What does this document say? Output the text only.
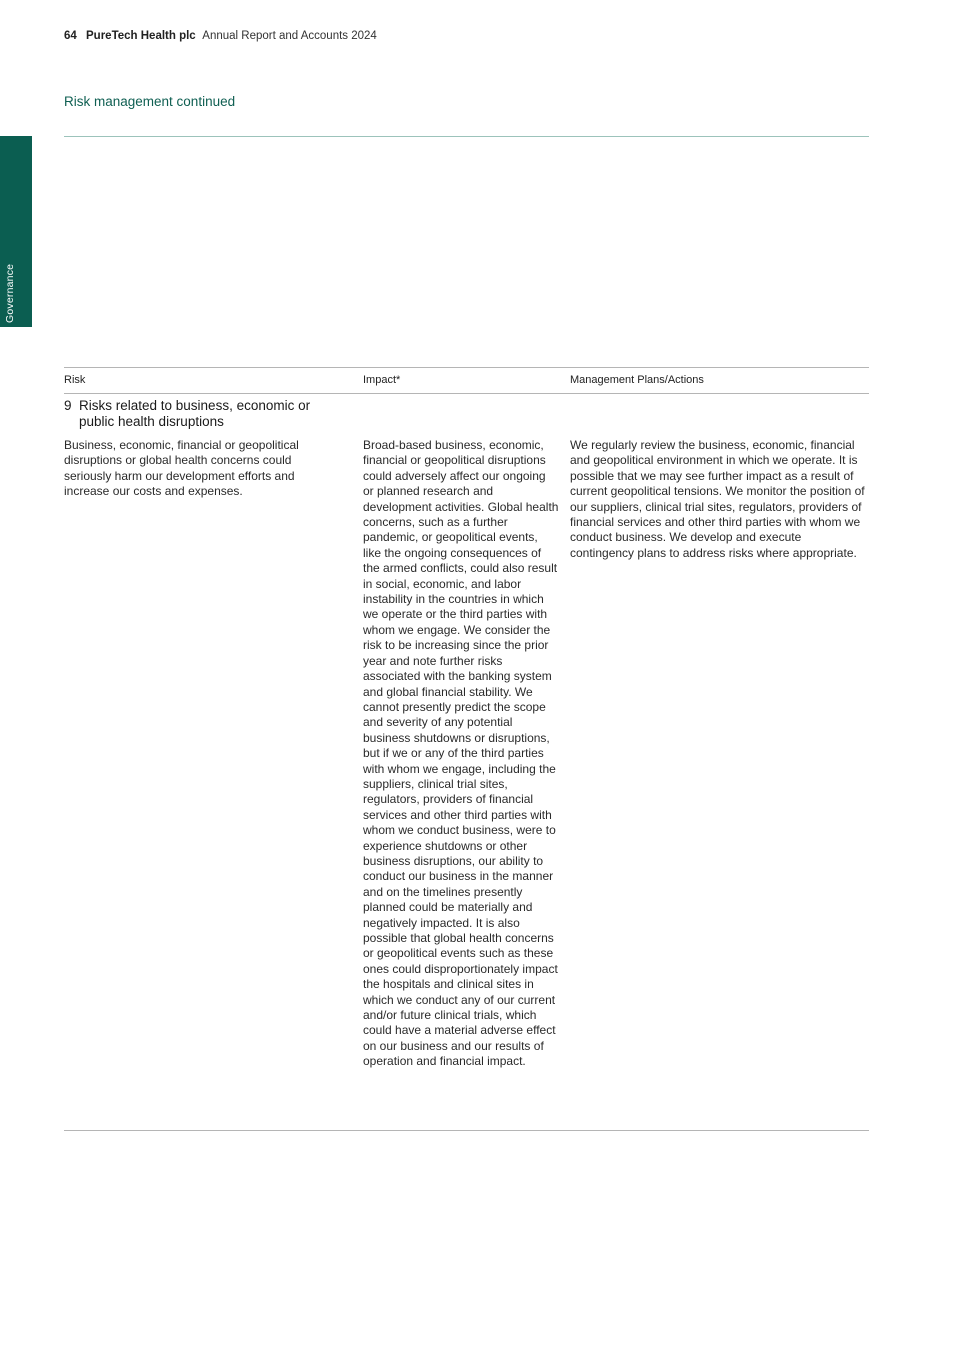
64 PureTech Health plc Annual Report and Accounts 2024
Risk management continued
Governance
Risk	Impact*	Management Plans/Actions
9 Risks related to business, economic or public health disruptions
Business, economic, financial or geopolitical disruptions or global health concerns could seriously harm our development efforts and increase our costs and expenses.
Broad-based business, economic, financial or geopolitical disruptions could adversely affect our ongoing or planned research and development activities. Global health concerns, such as a further pandemic, or geopolitical events, like the ongoing consequences of the armed conflicts, could also result in social, economic, and labor instability in the countries in which we operate or the third parties with whom we engage. We consider the risk to be increasing since the prior year and note further risks associated with the banking system and global financial stability. We cannot presently predict the scope and severity of any potential business shutdowns or disruptions, but if we or any of the third parties with whom we engage, including the suppliers, clinical trial sites, regulators, providers of financial services and other third parties with whom we conduct business, were to experience shutdowns or other business disruptions, our ability to conduct our business in the manner and on the timelines presently planned could be materially and negatively impacted. It is also possible that global health concerns or geopolitical events such as these ones could disproportionately impact the hospitals and clinical sites in which we conduct any of our current and/or future clinical trials, which could have a material adverse effect on our business and our results of operation and financial impact.
We regularly review the business, economic, financial and geopolitical environment in which we operate. It is possible that we may see further impact as a result of current geopolitical tensions. We monitor the position of our suppliers, clinical trial sites, regulators, providers of financial services and other third parties with whom we conduct business. We develop and execute contingency plans to address risks where appropriate.
